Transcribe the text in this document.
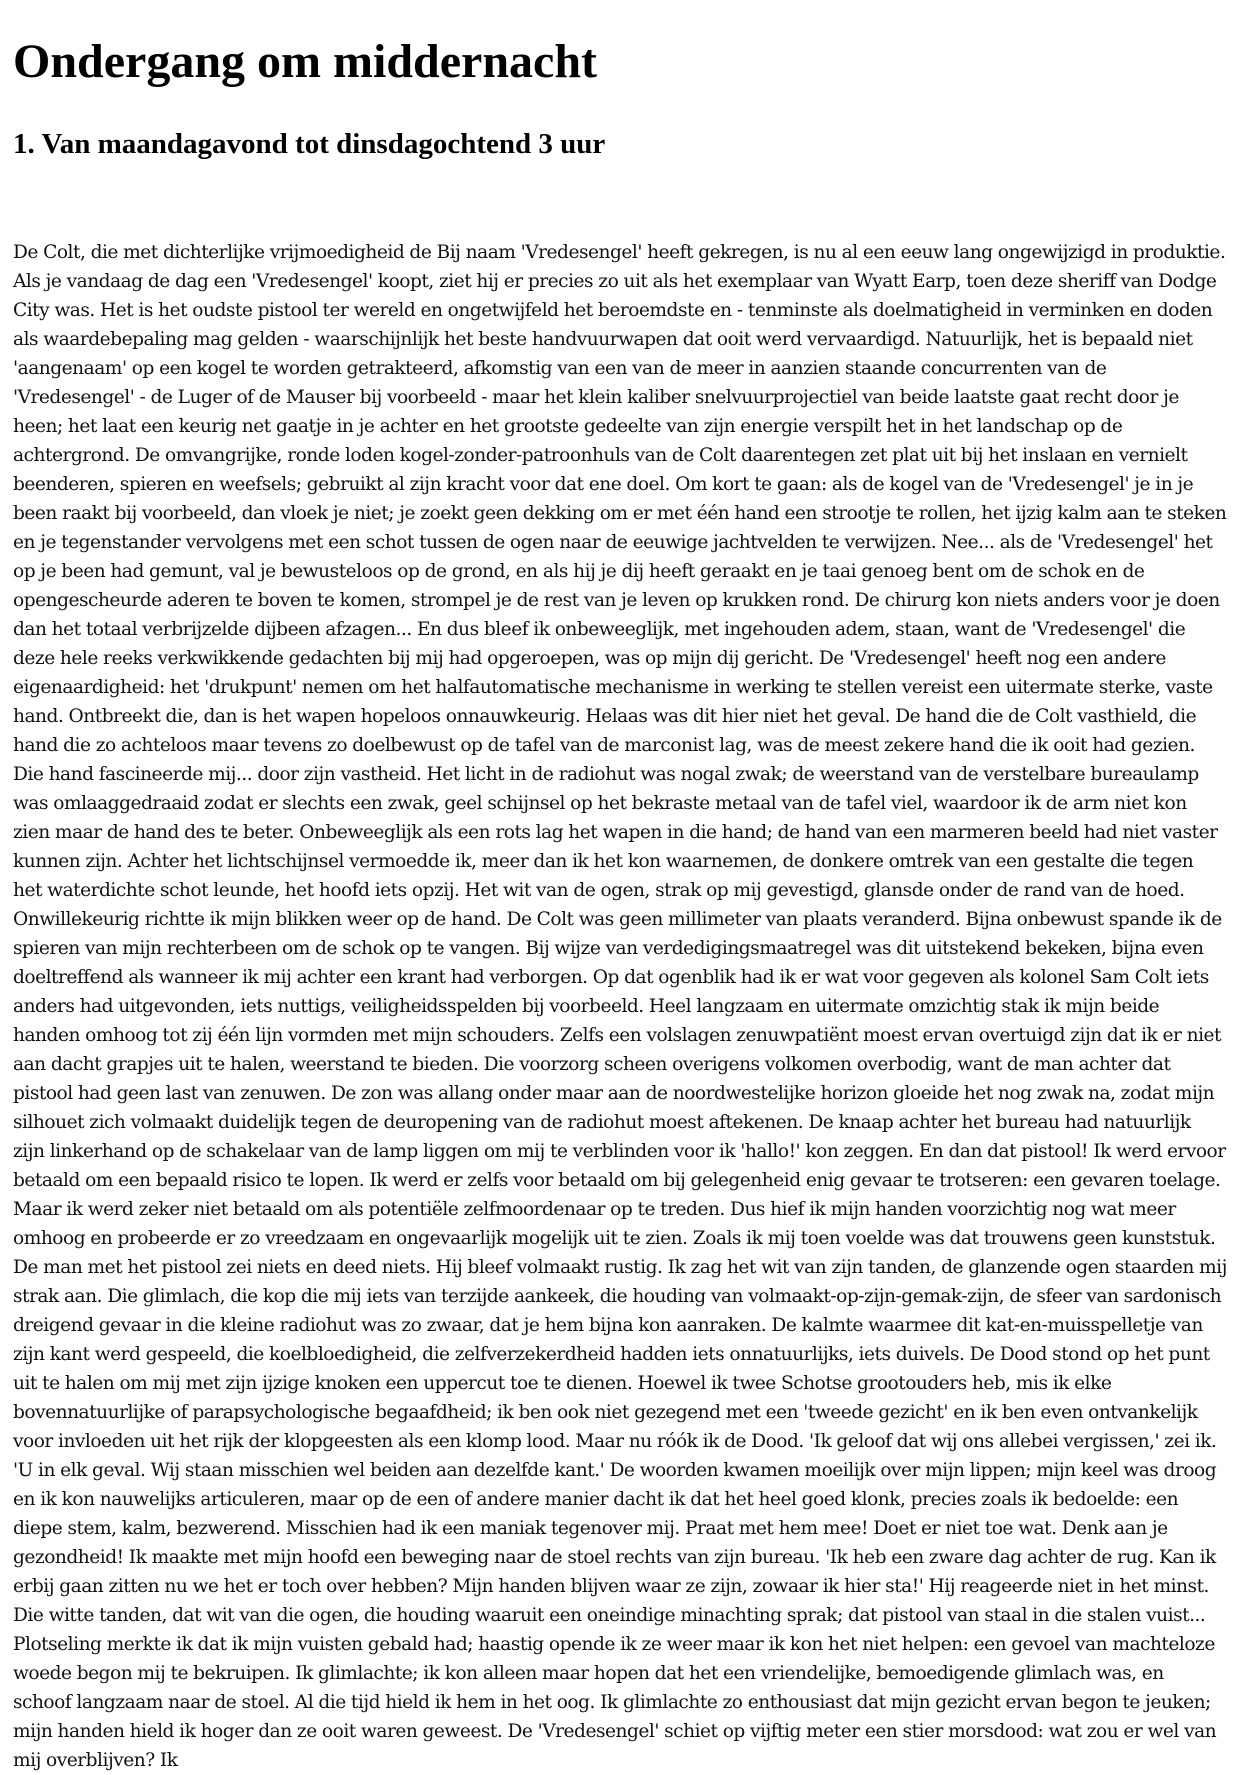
Ondergang om middernacht
1. Van maandagavond tot dinsdagochtend 3 uur

De Colt, die met dichterlijke vrijmoedigheid de Bij naam 'Vredesengel' heeft gekregen, is nu al een eeuw lang ongewijzigd in produktie. Als je vandaag de dag een 'Vredesengel' koopt, ziet hij er precies zo uit als het exemplaar van Wyatt Earp, toen deze sheriff van Dodge City was. Het is het oudste pistool ter wereld en ongetwijfeld het beroemdste en - tenminste als doelmatigheid in verminken en doden als waardebepaling mag gelden - waarschijnlijk het beste handvuurwapen dat ooit werd vervaardigd. Natuurlijk, het is bepaald niet 'aangenaam' op een kogel te worden getrakteerd, afkomstig van een van de meer in aanzien staande concurrenten van de 'Vredesengel' - de Luger of de Mauser bij voorbeeld - maar het klein kaliber snelvuurprojectiel van beide laatste gaat recht door je heen; het laat een keurig net gaatje in je achter en het grootste gedeelte van zijn energie verspilt het in het landschap op de achtergrond. De omvangrijke, ronde loden kogel-zonder-patroonhuls van de Colt daarentegen zet plat uit bij het inslaan en vernielt beenderen, spieren en weefsels; gebruikt al zijn kracht voor dat ene doel. Om kort te gaan: als de kogel van de 'Vredesengel' je in je been raakt bij voorbeeld, dan vloek je niet; je zoekt geen dekking om er met één hand een strootje te rollen, het ijzig kalm aan te steken en je tegenstander vervolgens met een schot tussen de ogen naar de eeuwige jachtvelden te verwijzen. Nee... als de 'Vredesengel' het op je been had gemunt, val je bewusteloos op de grond, en als hij je dij heeft geraakt en je taai genoeg bent om de schok en de opengescheurde aderen te boven te komen, strompel je de rest van je leven op krukken rond. De chirurg kon niets anders voor je doen dan het totaal verbrijzelde dijbeen afzagen... En dus bleef ik onbeweeglijk, met ingehouden adem, staan, want de 'Vredesengel' die deze hele reeks verkwikkende gedachten bij mij had opgeroepen, was op mijn dij gericht. De 'Vredesengel' heeft nog een andere eigenaardigheid: het 'drukpunt' nemen om het halfautomatische mechanisme in werking te stellen vereist een uitermate sterke, vaste hand. Ontbreekt die, dan is het wapen hopeloos onnauwkeurig. Helaas was dit hier niet het geval. De hand die de Colt vasthield, die hand die zo achteloos maar tevens zo doelbewust op de tafel van de marconist lag, was de meest zekere hand die ik ooit had gezien. Die hand fascineerde mij... door zijn vastheid. Het licht in de radiohut was nogal zwak; de weerstand van de verstelbare bureaulamp was omlaaggedraaid zodat er slechts een zwak, geel schijnsel op het bekraste metaal van de tafel viel, waardoor ik de arm niet kon zien maar de hand des te beter. Onbeweeglijk als een rots lag het wapen in die hand; de hand van een marmeren beeld had niet vaster kunnen zijn. Achter het lichtschijnsel vermoedde ik, meer dan ik het kon waarnemen, de donkere omtrek van een gestalte die tegen het waterdichte schot leunde, het hoofd iets opzij. Het wit van de ogen, strak op mij gevestigd, glansde onder de rand van de hoed. Onwillekeurig richtte ik mijn blikken weer op de hand. De Colt was geen millimeter van plaats veranderd. Bijna onbewust spande ik de spieren van mijn rechterbeen om de schok op te vangen. Bij wijze van verdedigingsmaatregel was dit uitstekend bekeken, bijna even doeltreffend als wanneer ik mij achter een krant had verborgen. Op dat ogenblik had ik er wat voor gegeven als kolonel Sam Colt iets anders had uitgevonden, iets nuttigs, veiligheidsspelden bij voorbeeld. Heel langzaam en uitermate omzichtig stak ik mijn beide handen omhoog tot zij één lijn vormden met mijn schouders. Zelfs een volslagen zenuwpatiënt moest ervan overtuigd zijn dat ik er niet aan dacht grapjes uit te halen, weerstand te bieden. Die voorzorg scheen overigens volkomen overbodig, want de man achter dat pistool had geen last van zenuwen. De zon was allang onder maar aan de noordwestelijke horizon gloeide het nog zwak na, zodat mijn silhouet zich volmaakt duidelijk tegen de deuropening van de radiohut moest aftekenen. De knaap achter het bureau had natuurlijk zijn linkerhand op de schakelaar van de lamp liggen om mij te verblinden voor ik 'hallo!' kon zeggen. En dan dat pistool! Ik werd ervoor betaald om een bepaald risico te lopen. Ik werd er zelfs voor betaald om bij gelegenheid enig gevaar te trotseren: een gevaren toelage. Maar ik werd zeker niet betaald om als potentiële zelfmoordenaar op te treden. Dus hief ik mijn handen voorzichtig nog wat meer omhoog en probeerde er zo vreedzaam en ongevaarlijk mogelijk uit te zien. Zoals ik mij toen voelde was dat trouwens geen kunststuk. De man met het pistool zei niets en deed niets. Hij bleef volmaakt rustig. Ik zag het wit van zijn tanden, de glanzende ogen staarden mij strak aan. Die glimlach, die kop die mij iets van terzijde aankeek, die houding van volmaakt-op-zijn-gemak-zijn, de sfeer van sardonisch dreigend gevaar in die kleine radiohut was zo zwaar, dat je hem bijna kon aanraken. De kalmte waarmee dit kat-en-muisspelletje van zijn kant werd gespeeld, die koelbloedigheid, die zelfverzekerdheid hadden iets onnatuurlijks, iets duivels. De Dood stond op het punt uit te halen om mij met zijn ijzige knoken een uppercut toe te dienen. Hoewel ik twee Schotse grootouders heb, mis ik elke bovennatuurlijke of parapsychologische begaafdheid; ik ben ook niet gezegend met een 'tweede gezicht' en ik ben even ontvankelijk voor invloeden uit het rijk der klopgeesten als een klomp lood. Maar nu róók ik de Dood. 'Ik geloof dat wij ons allebei vergissen,' zei ik. 'U in elk geval. Wij staan misschien wel beiden aan dezelfde kant.' De woorden kwamen moeilijk over mijn lippen; mijn keel was droog en ik kon nauwelijks articuleren, maar op de een of andere manier dacht ik dat het heel goed klonk, precies zoals ik bedoelde: een diepe stem, kalm, bezwerend. Misschien had ik een maniak tegenover mij. Praat met hem mee! Doet er niet toe wat. Denk aan je gezondheid! Ik maakte met mijn hoofd een beweging naar de stoel rechts van zijn bureau. 'Ik heb een zware dag achter de rug. Kan ik erbij gaan zitten nu we het er toch over hebben? Mijn handen blijven waar ze zijn, zowaar ik hier sta!' Hij reageerde niet in het minst. Die witte tanden, dat wit van die ogen, die houding waaruit een oneindige minachting sprak; dat pistool van staal in die stalen vuist... Plotseling merkte ik dat ik mijn vuisten gebald had; haastig opende ik ze weer maar ik kon het niet helpen: een gevoel van machteloze woede begon mij te bekruipen. Ik glimlachte; ik kon alleen maar hopen dat het een vriendelijke, bemoedigende glimlach was, en schoof langzaam naar de stoel. Al die tijd hield ik hem in het oog. Ik glimlachte zo enthousiast dat mijn gezicht ervan begon te jeuken; mijn handen hield ik hoger dan ze ooit waren geweest. De 'Vredesengel' schiet op vijftig meter een stier morsdood: wat zou er wel van mij overblijven? Ik
